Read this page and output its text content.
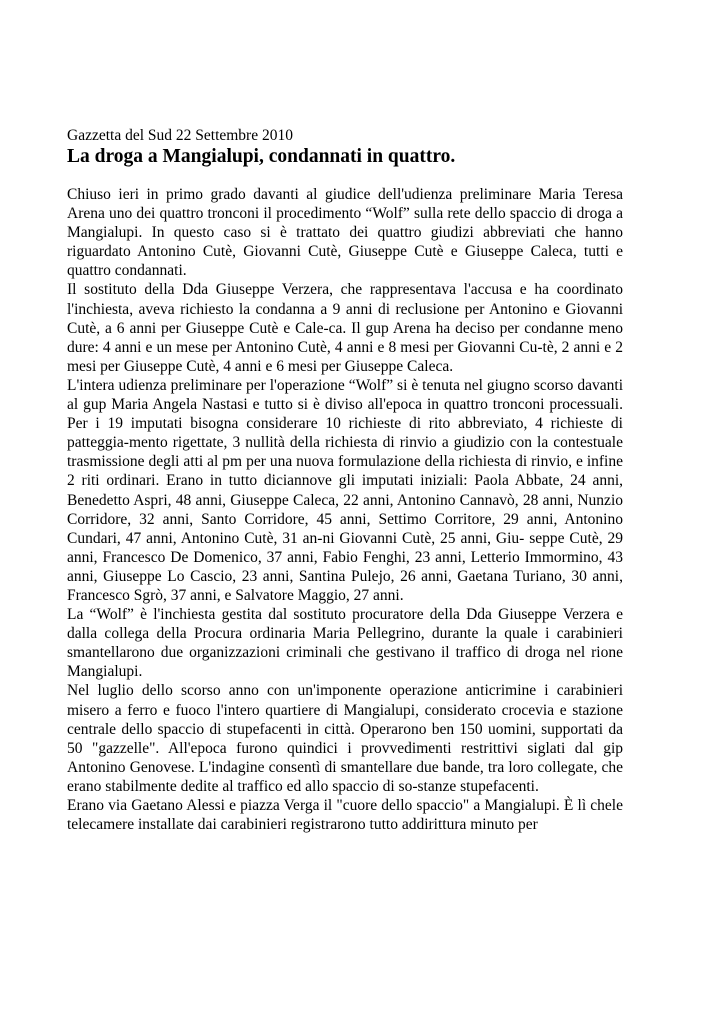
Gazzetta del Sud 22 Settembre 2010

La droga a Mangialupi, condannati in quattro.

Chiuso ieri in primo grado davanti al giudice dell'udienza preliminare Maria Teresa Arena uno dei quattro tronconi il procedimento “Wolf” sulla rete dello spaccio di droga a Mangialupi. In questo caso si è trattato dei quattro giudizi abbreviati che hanno riguardato Antonino Cutè, Giovanni Cutè, Giuseppe Cutè e Giuseppe Caleca, tutti e quattro condannati.

Il sostituto della Dda Giuseppe Verzera, che rappresentava l'accusa e ha coordinato l'inchiesta, aveva richiesto la condanna a 9 anni di reclusione per Antonino e Giovanni Cutè, a 6 anni per Giuseppe Cutè e Cale-ca. Il gup Arena ha deciso per condanne meno dure: 4 anni e un mese per Antonino Cutè, 4 anni e 8 mesi per Giovanni Cu-tè, 2 anni e 2 mesi per Giuseppe Cutè, 4 anni e 6 mesi per Giuseppe Caleca.

L'intera udienza preliminare per l'operazione “Wolf” si è tenuta nel giugno scorso davanti al gup Maria Angela Nastasi e tutto si è diviso all'epoca in quattro tronconi processuali. Per i 19 imputati bisogna considerare 10 richieste di rito abbreviato, 4 richieste di patteggia-mento rigettate, 3 nullità della richiesta di rinvio a giudizio con la contestuale trasmissione degli atti al pm per una nuova formulazione della richiesta di rinvio, e infine 2 riti ordinari. Erano in tutto diciannove gli imputati iniziali: Paola Abbate, 24 anni, Benedetto Aspri, 48 anni, Giuseppe Caleca, 22 anni, Antonino Cannavò, 28 anni, Nunzio Corridore, 32 anni, Santo Corridore, 45 anni, Settimo Corritore, 29 anni, Antonino Cundari, 47 anni, Antonino Cutè, 31 an-ni Giovanni Cutè, 25 anni, Giu- seppe Cutè, 29 anni, Francesco De Domenico, 37 anni, Fabio Fenghi, 23 anni, Letterio Immormino, 43 anni, Giuseppe Lo Cascio, 23 anni, Santina Pulejo, 26 anni, Gaetana Turiano, 30 anni, Francesco Sgrò, 37 anni, e Salvatore Maggio, 27 anni.

La “Wolf” è l'inchiesta gestita dal sostituto procuratore della Dda Giuseppe Verzera e dalla collega della Procura ordinaria Maria Pellegrino, durante la quale i carabinieri smantellarono due organizzazioni criminali che gestivano il traffico di droga nel rione Mangialupi.

Nel luglio dello scorso anno con un'imponente operazione anticrimine i carabinieri misero a ferro e fuoco l'intero quartiere di Mangialupi, considerato crocevia e stazione centrale dello spaccio di stupefacenti in città. Operarono ben 150 uomini, supportati da 50 "gazzelle". All'epoca furono quindici i provvedimenti restrittivi siglati dal gip Antonino Genovese. L'indagine consentì di smantellare due bande, tra loro collegate, che erano stabilmente dedite al traffico ed allo spaccio di so-stanze stupefacenti.

Erano via Gaetano Alessi e piazza Verga il "cuore dello spaccio" a Mangialupi. È lì chele telecamere installate dai carabinieri registrarono tutto addirittura minuto per
